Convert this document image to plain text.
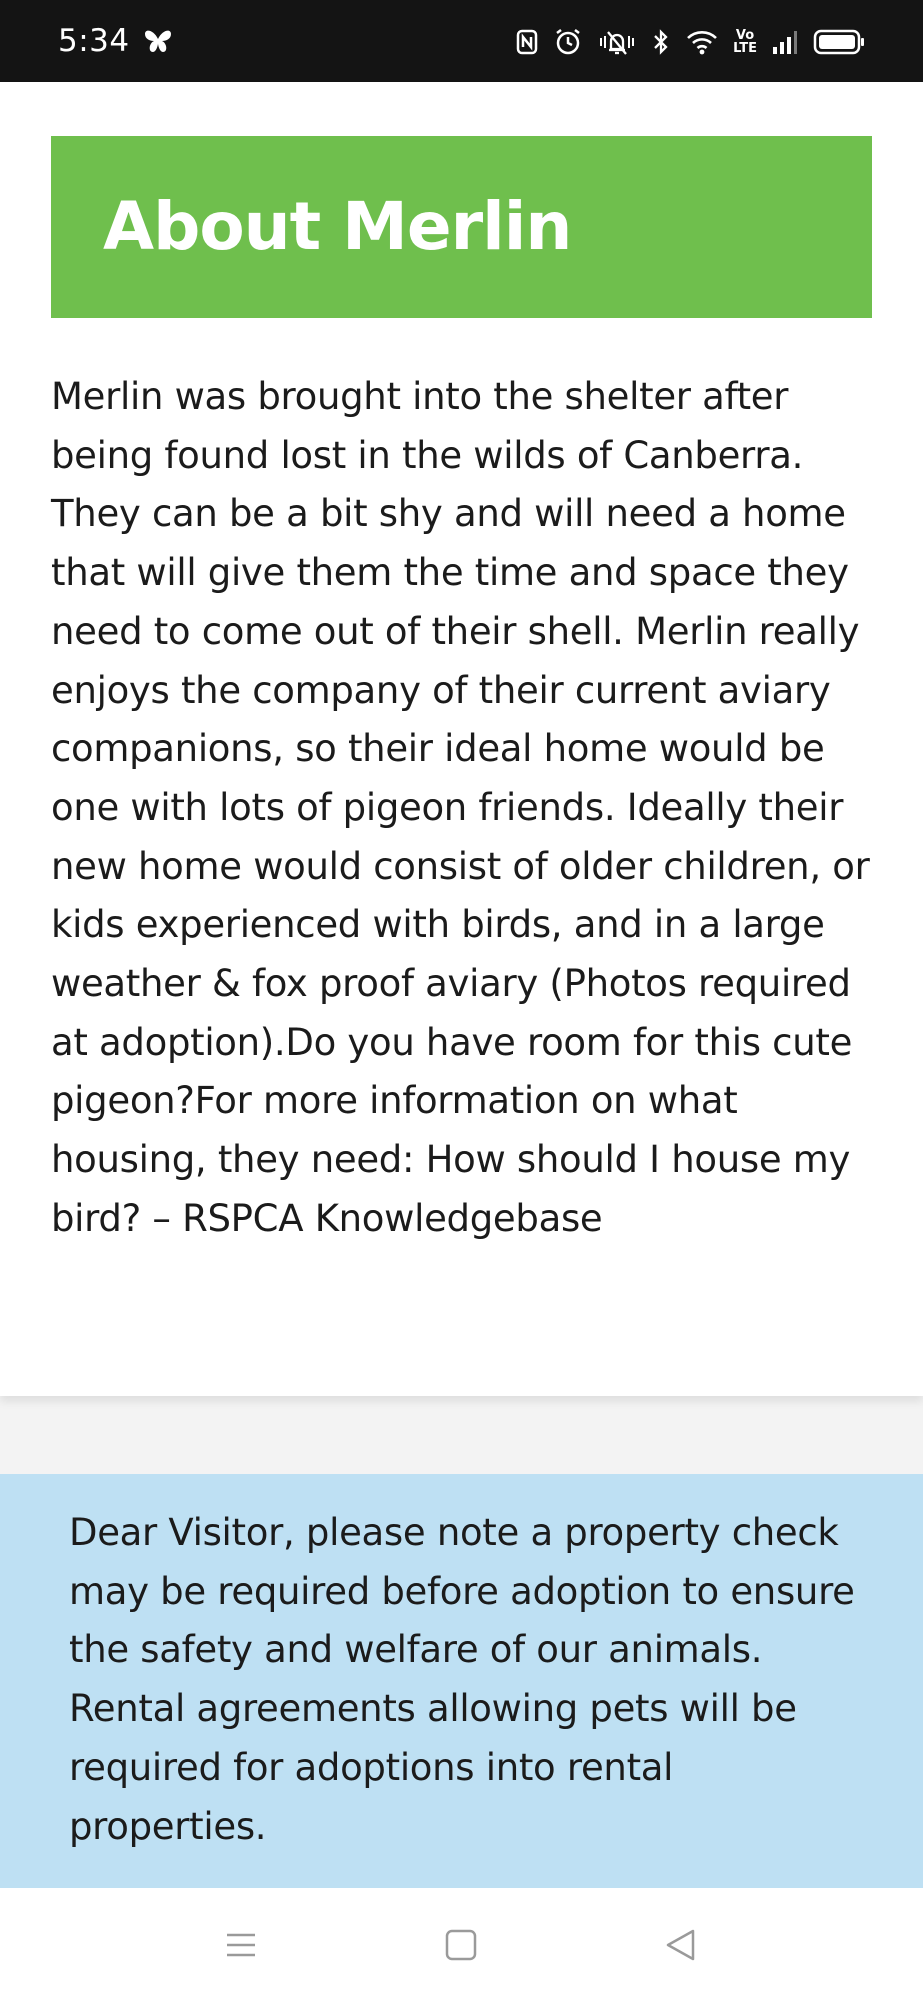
5:34	Vo
LTE
About Merlin

Merlin was brought into the shelter after being found lost in the wilds of Canberra. They can be a bit shy and will need a home that will give them the time and space they need to come out of their shell. Merlin really enjoys the company of their current aviary companions, so their ideal home would be one with lots of pigeon friends. Ideally their new home would consist of older children, or kids experienced with birds, and in a large weather & fox proof aviary (Photos required at adoption).Do you have room for this cute pigeon?For more information on what housing, they need: How should I house my bird? – RSPCA Knowledgebase

Dear Visitor, please note a property check may be required before adoption to ensure the safety and welfare of our animals. Rental agreements allowing pets will be required for adoptions into rental properties.
